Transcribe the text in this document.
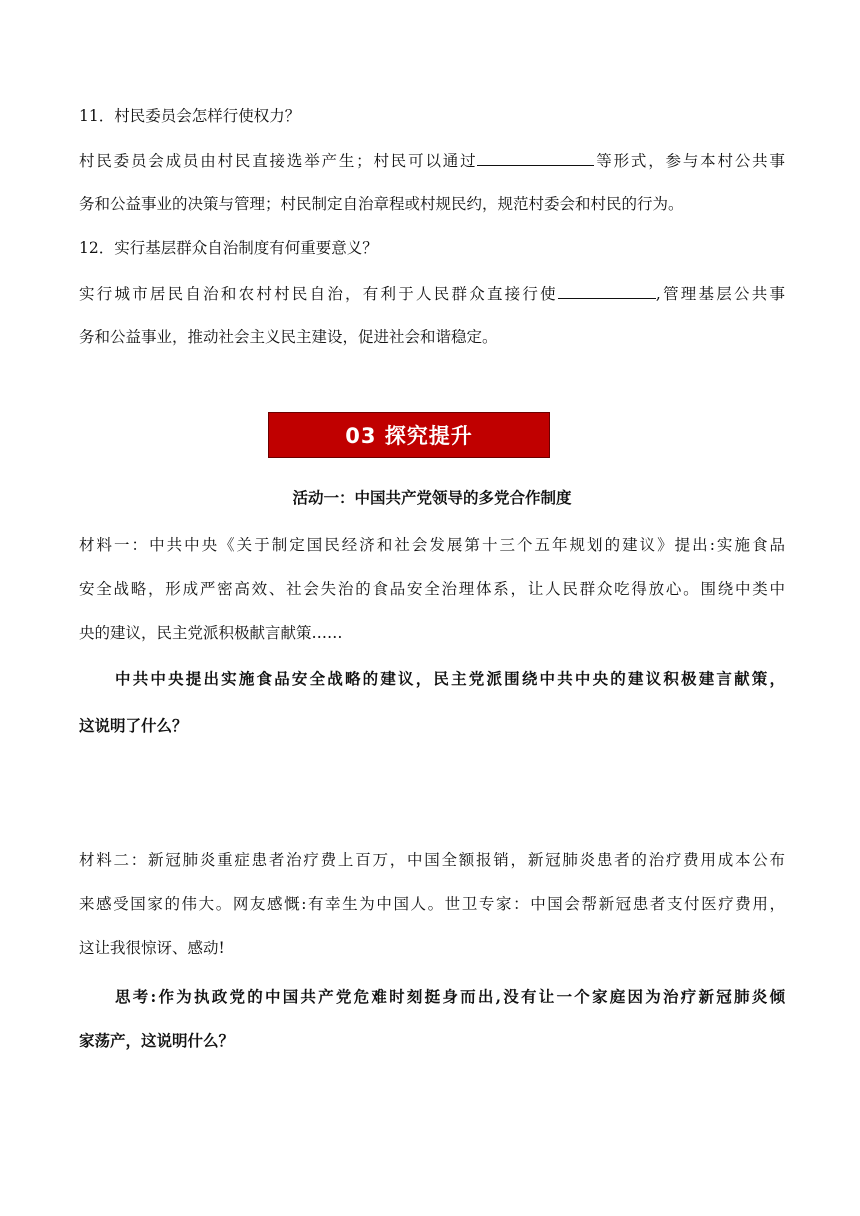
11．村民委员会怎样行使权力？
村民委员会成员由村民直接选举产生；村民可以通过	等形式，参与本村公共事
务和公益事业的决策与管理；村民制定自治章程或村规民约，规范村委会和村民的行为。
12．实行基层群众自治制度有何重要意义？
实行城市居民自治和农村村民自治，有利于人民群众直接行使	,管理基层公共事
务和公益事业，推动社会主义民主建设，促进社会和谐稳定。
03 探究提升
活动一：中国共产党领导的多党合作制度
材料一：中共中央《关于制定国民经济和社会发展第十三个五年规划的建议》提出:实施食品
安全战略，形成严密高效、社会失治的食品安全治理体系，让人民群众吃得放心。围绕中类中
央的建议，民主党派积极献言献策……
中共中央提出实施食品安全战略的建议，民主党派围绕中共中央的建议积极建言献策，
这说明了什么？
材料二：新冠肺炎重症患者治疗费上百万，中国全额报销，新冠肺炎患者的治疗费用成本公布
来感受国家的伟大。网友感慨:有幸生为中国人。世卫专家：中国会帮新冠患者支付医疗费用，
这让我很惊讶、感动!
思考:作为执政党的中国共产党危难时刻挺身而出,没有让一个家庭因为治疗新冠肺炎倾
家荡产，这说明什么？
